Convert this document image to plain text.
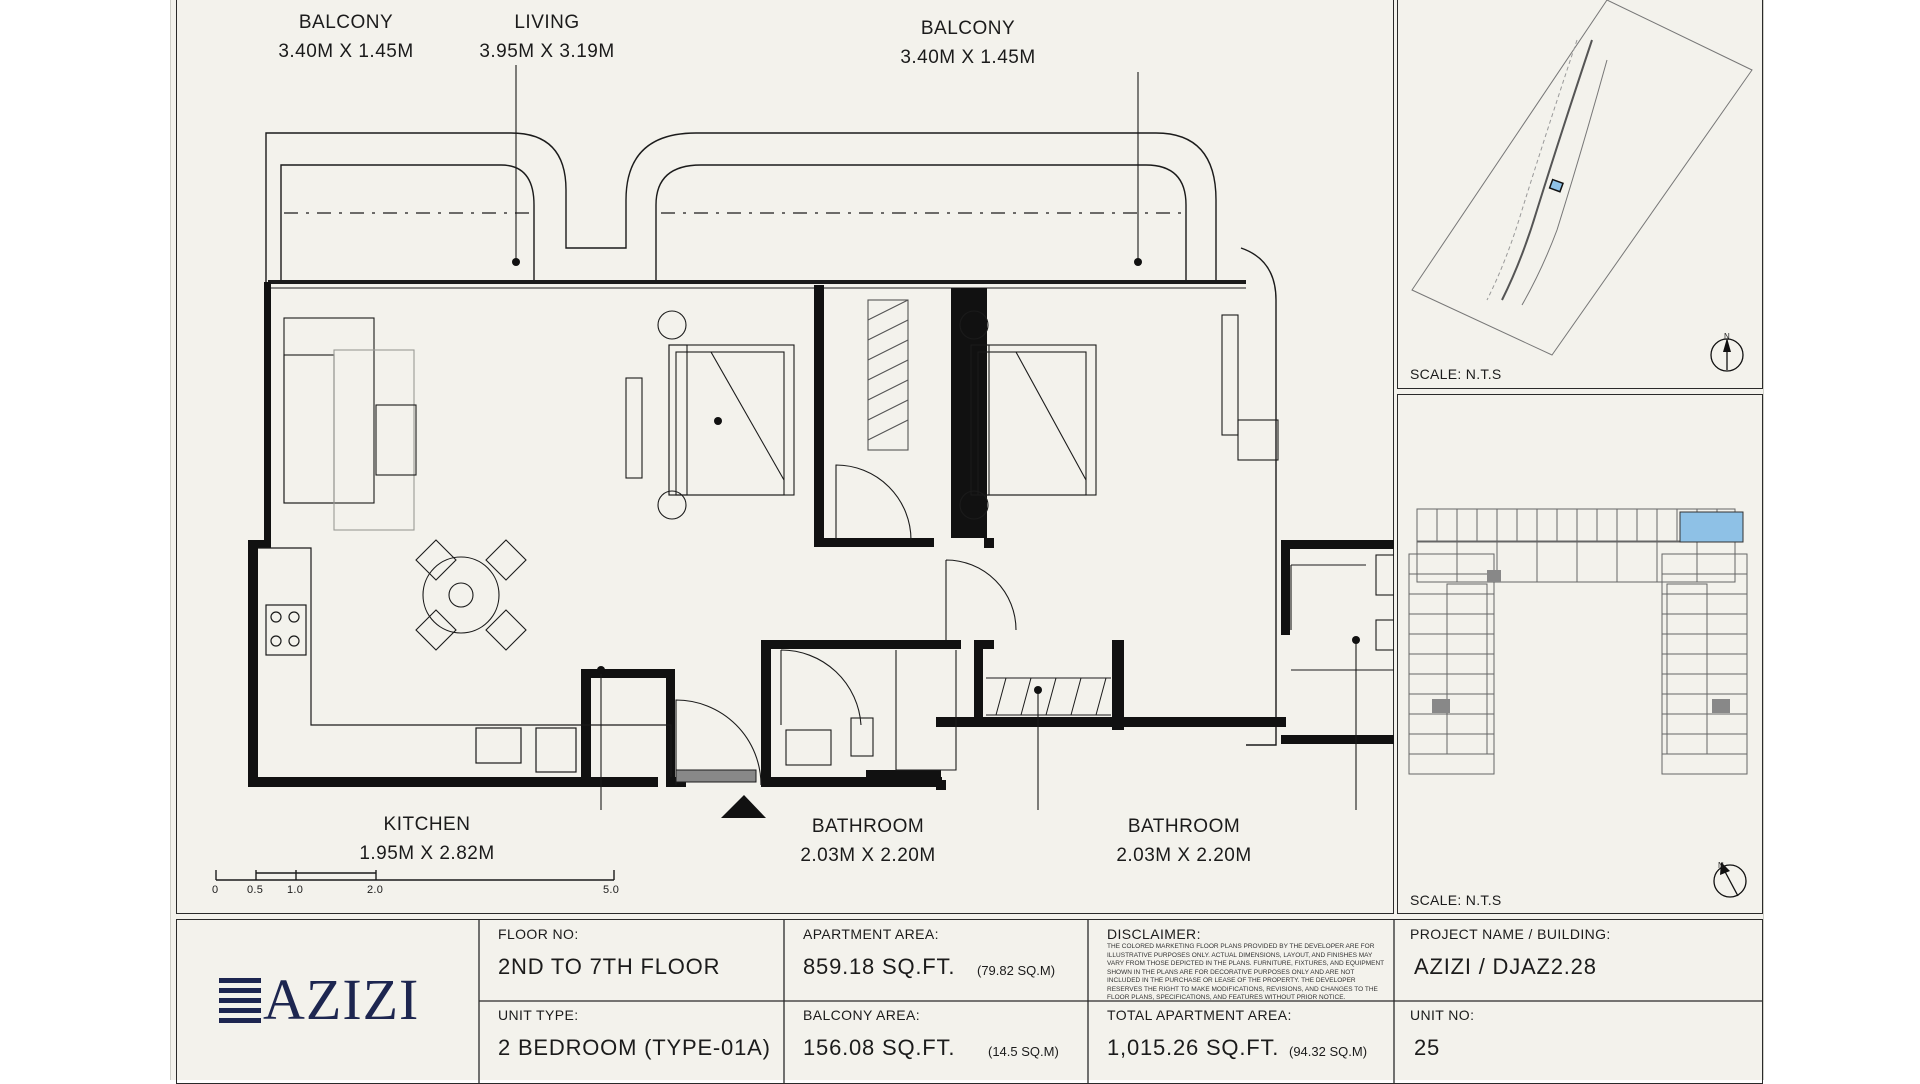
BALCONY
3.40M X 1.45M
LIVING
3.95M X 3.19M
BALCONY
3.40M X 1.45M
KITCHEN
1.95M X 2.82M
BATHROOM
2.03M X 2.20M
BATHROOM
2.03M X 2.20M
0	0.5 1.0	2.0	5.0
N
SCALE: N.T.S
N
SCALE: N.T.S
AZIZI
FLOOR NO:
2ND TO 7TH FLOOR
UNIT TYPE:
2 BEDROOM (TYPE-01A)
APARTMENT AREA:
859.18 SQ.FT. (79.82 SQ.M)
BALCONY AREA:
156.08 SQ.FT.	(14.5 SQ.M)
DISCLAIMER:
THE COLORED MARKETING FLOOR PLANS PROVIDED BY THE DEVELOPER ARE FOR ILLUSTRATIVE PURPOSES ONLY. ACTUAL DIMENSIONS, LAYOUT, AND FINISHES MAY VARY FROM THOSE DEPICTED IN THE PLANS. FURNITURE, FIXTURES, AND EQUIPMENT SHOWN IN THE PLANS ARE FOR DECORATIVE PURPOSES ONLY AND ARE NOT INCLUDED IN THE PURCHASE OR LEASE OF THE PROPERTY. THE DEVELOPER RESERVES THE RIGHT TO MAKE MODIFICATIONS, REVISIONS, AND CHANGES TO THE FLOOR PLANS, SPECIFICATIONS, AND FEATURES WITHOUT PRIOR NOTICE.
TOTAL APARTMENT AREA:
1,015.26 SQ.FT. (94.32 SQ.M)
PROJECT NAME / BUILDING:
AZIZI / DJAZ2.28
UNIT NO:
25
